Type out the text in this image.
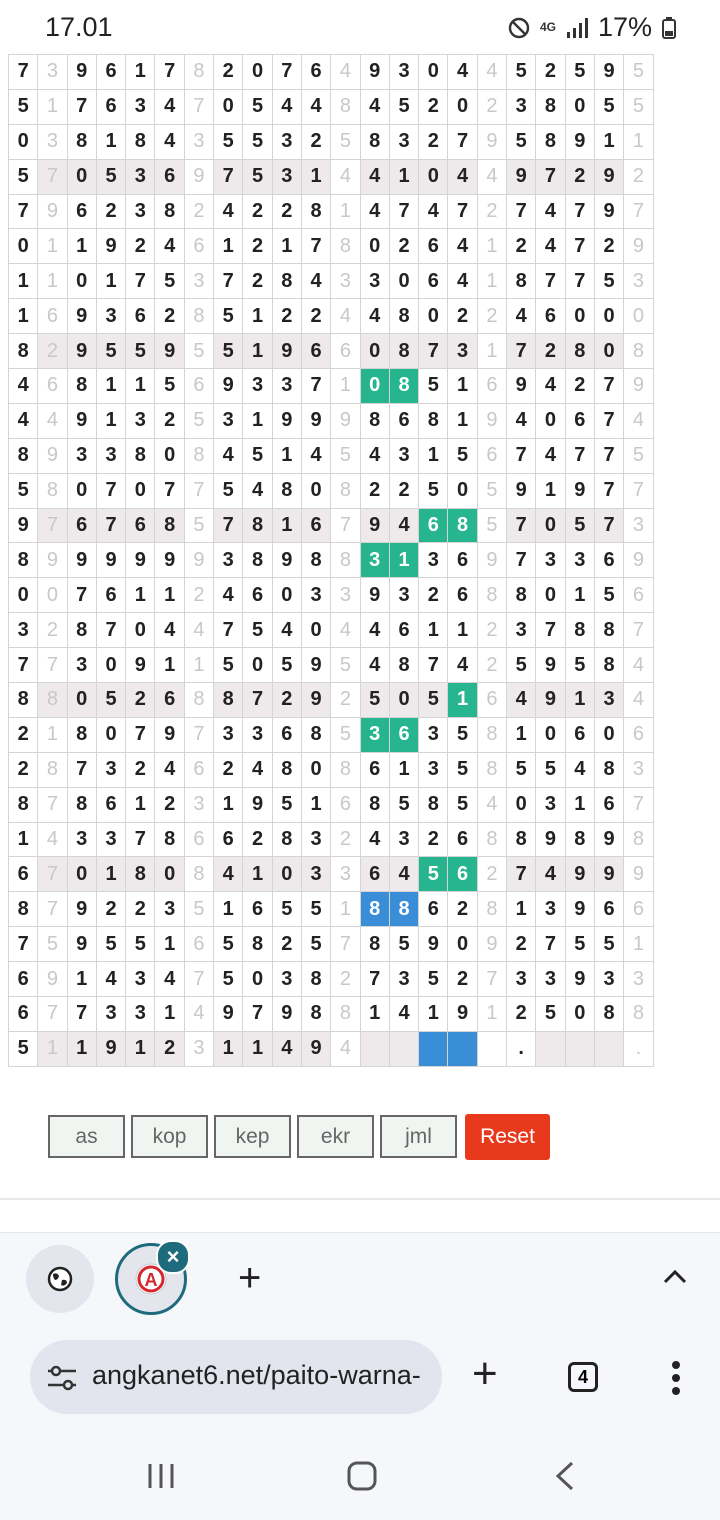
17.01	4G 17%
7	3	9	6	1	7	8	2	0	7	6	4	9	3	0	4	4	5	2	5	9	5
5	1	7	6	3	4	7	0	5	4	4	8	4	5	2	0	2	3	8	0	5	5
0	3	8	1	8	4	3	5	5	3	2	5	8	3	2	7	9	5	8	9	1	1
5	7	0	5	3	6	9	7	5	3	1	4	4	1	0	4	4	9	7	2	9	2
7	9	6	2	3	8	2	4	2	2	8	1	4	7	4	7	2	7	4	7	9	7
0	1	1	9	2	4	6	1	2	1	7	8	0	2	6	4	1	2	4	7	2	9
1	1	0	1	7	5	3	7	2	8	4	3	3	0	6	4	1	8	7	7	5	3
1	6	9	3	6	2	8	5	1	2	2	4	4	8	0	2	2	4	6	0	0	0
8	2	9	5	5	9	5	5	1	9	6	6	0	8	7	3	1	7	2	8	0	8
4	6	8	1	1	5	6	9	3	3	7	1	0	8	5	1	6	9	4	2	7	9
4	4	9	1	3	2	5	3	1	9	9	9	8	6	8	1	9	4	0	6	7	4
8	9	3	3	8	0	8	4	5	1	4	5	4	3	1	5	6	7	4	7	7	5
5	8	0	7	0	7	7	5	4	8	0	8	2	2	5	0	5	9	1	9	7	7
9	7	6	7	6	8	5	7	8	1	6	7	9	4	6	8	5	7	0	5	7	3
8	9	9	9	9	9	9	3	8	9	8	8	3	1	3	6	9	7	3	3	6	9
0	0	7	6	1	1	2	4	6	0	3	3	9	3	2	6	8	8	0	1	5	6
3	2	8	7	0	4	4	7	5	4	0	4	4	6	1	1	2	3	7	8	8	7
7	7	3	0	9	1	1	5	0	5	9	5	4	8	7	4	2	5	9	5	8	4
8	8	0	5	2	6	8	8	7	2	9	2	5	0	5	1	6	4	9	1	3	4
2	1	8	0	7	9	7	3	3	6	8	5	3	6	3	5	8	1	0	6	0	6
2	8	7	3	2	4	6	2	4	8	0	8	6	1	3	5	8	5	5	4	8	3
8	7	8	6	1	2	3	1	9	5	1	6	8	5	8	5	4	0	3	1	6	7
1	4	3	3	7	8	6	6	2	8	3	2	4	3	2	6	8	8	9	8	9	8
6	7	0	1	8	0	8	4	1	0	3	3	6	4	5	6	2	7	4	9	9	9
8	7	9	2	2	3	5	1	6	5	5	1	8	8	6	2	8	1	3	9	6	6
7	5	9	5	5	1	6	5	8	2	5	7	8	5	9	0	9	2	7	5	5	1
6	9	1	4	3	4	7	5	0	3	8	2	7	3	5	2	7	3	3	9	3	3
6	7	7	3	3	1	4	9	7	9	8	8	1	4	1	9	1	2	5	0	8	8
5	1	1	9	1	2	3	1	1	4	9	4						.				.
as	kop	kep	ekr	jml	Reset
A
× +
angkanet6.net/paito-warna- +	4
